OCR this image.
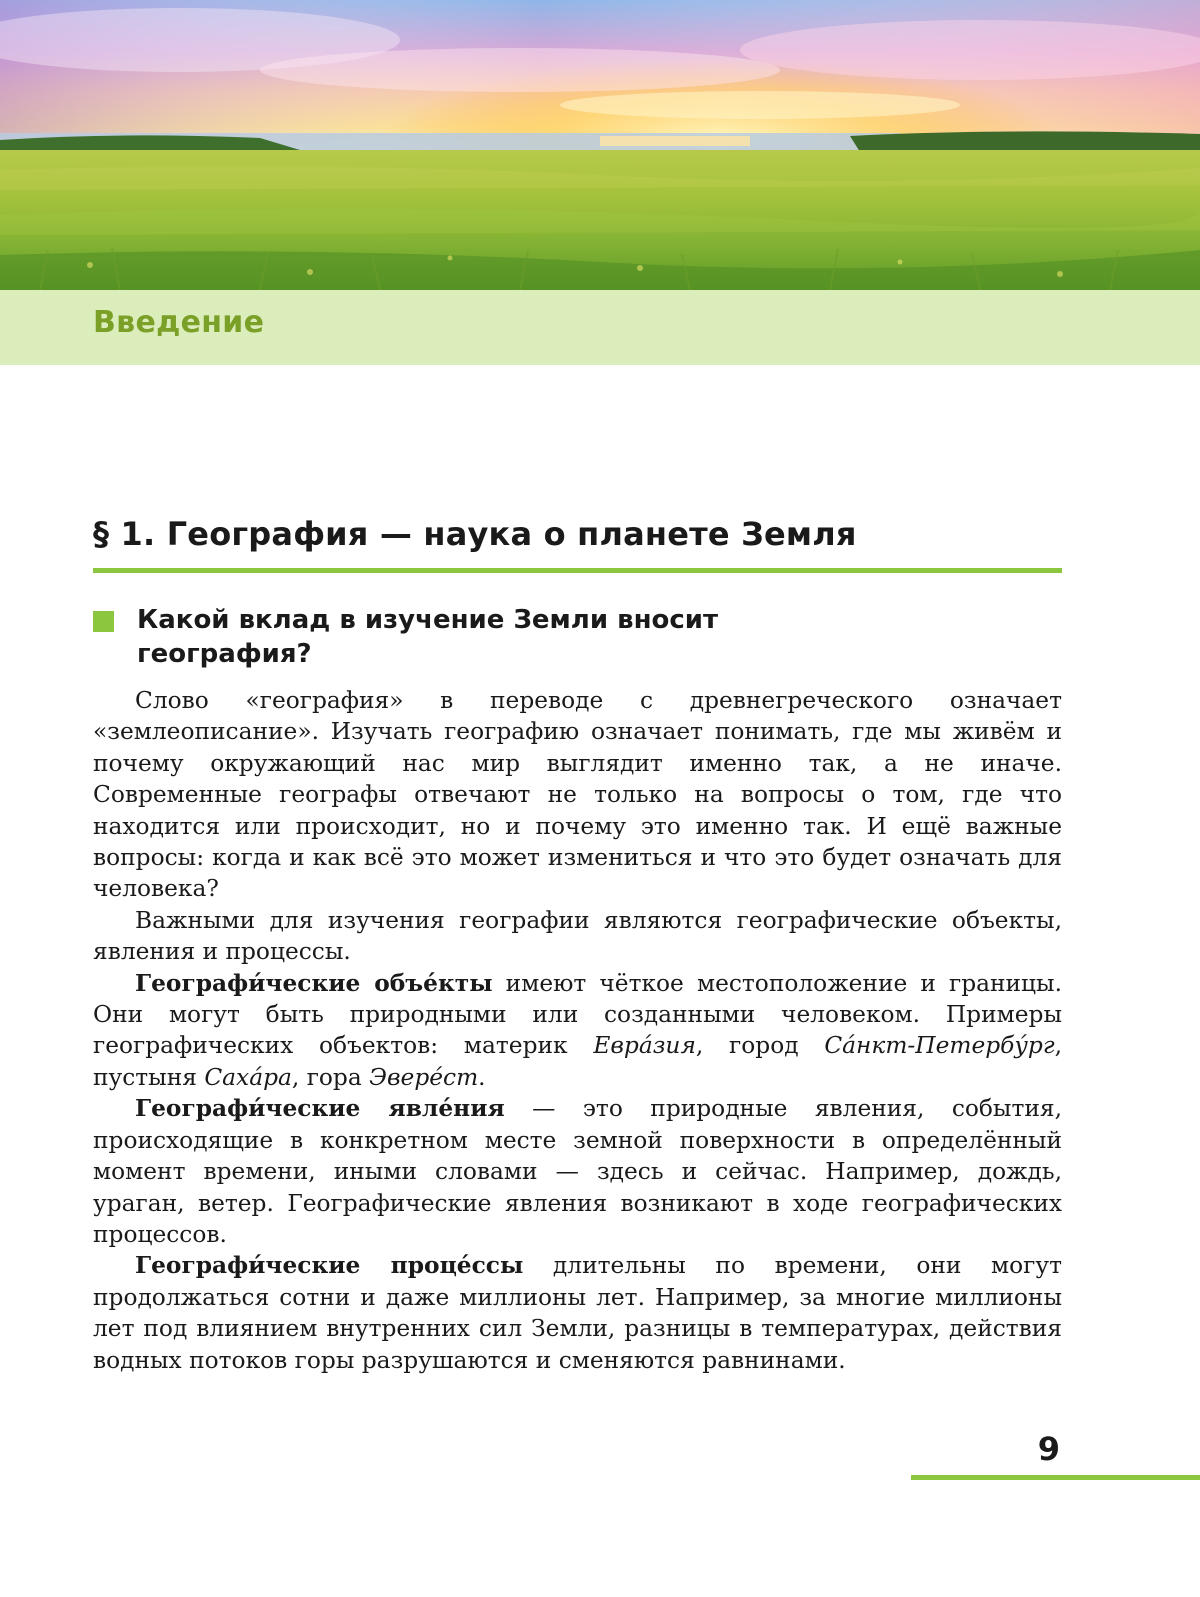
Введение
§ 1. География — наука о планете Земля
Какой вклад в изучение Земли вносит география?

Слово «география» в переводе с древнегреческого означает «землеописание». Изучать географию означает понимать, где мы живём и почему окружающий нас мир выглядит именно так, а не иначе. Современные географы отвечают не только на вопросы о том, где что находится или происходит, но и почему это именно так. И ещё важные вопросы: когда и как всё это может измениться и что это будет означать для человека?

Важными для изучения географии являются географические объекты, явления и процессы.

Географи́ческие объе́кты имеют чёткое местоположение и границы. Они могут быть природными или созданными человеком. Примеры географических объектов: материк Евра́зия, город Са́нкт-Петербу́рг, пустыня Саха́ра, гора Эвере́ст.

Географи́ческие явле́ния — это природные явления, события, происходящие в конкретном месте земной поверхности в определённый момент времени, иными словами — здесь и сейчас. Например, дождь, ураган, ветер. Географические явления возникают в ходе географических процессов.

Географи́ческие проце́ссы длительны по времени, они могут продолжаться сотни и даже миллионы лет. Например, за многие миллионы лет под влиянием внутренних сил Земли, разницы в температурах, действия водных потоков горы разрушаются и сменяются равнинами.

9
